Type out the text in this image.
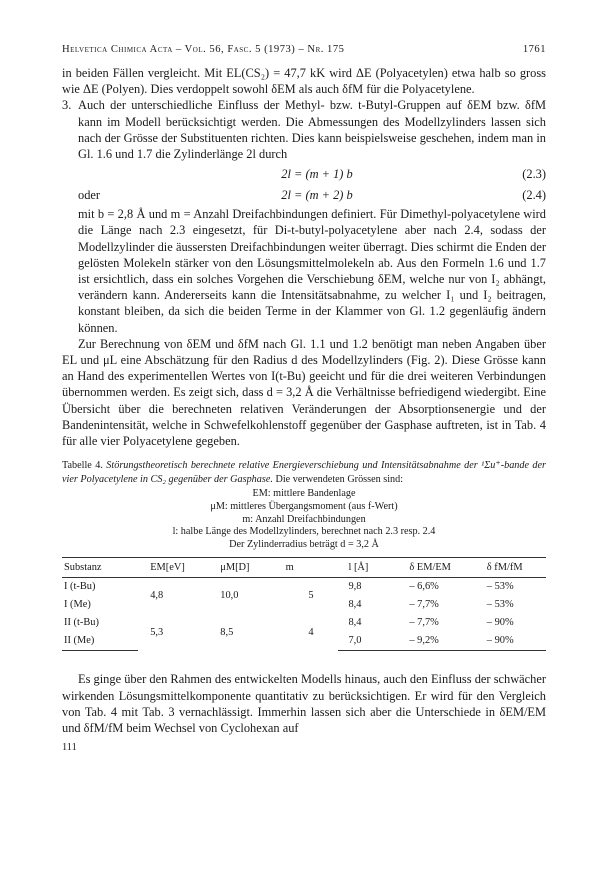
Helvetica Chimica Acta – Vol. 56, Fasc. 5 (1973) – Nr. 175	1761

in beiden Fällen vergleicht. Mit EL(CS₂) = 47,7 kK wird ΔE (Polyacetylen) etwa halb so gross wie ΔE (Polyen). Dies verdoppelt sowohl δEM als auch δfM für die Polyacetylene.

3. Auch der unterschiedliche Einfluss der Methyl- bzw. t-Butyl-Gruppen auf δEM bzw. δfM kann im Modell berücksichtigt werden. Die Abmessungen des Modellzylinders lassen sich nach der Grösse der Substituenten richten. Dies kann beispielsweise geschehen, indem man in Gl. 1.6 und 1.7 die Zylinderlänge 2l durch

2l = (m + 1) b	(2.3)
oder	2l = (m + 2) b	(2.4)

mit b = 2,8 Å und m = Anzahl Dreifachbindungen definiert. Für Dimethyl-polyacetylene wird die Länge nach 2.3 eingesetzt, für Di-t-butyl-polyacetylene aber nach 2.4, sodass der Modellzylinder die äussersten Dreifachbindungen weiter überragt. Dies schirmt die Enden der gelösten Molekeln stärker von den Lösungsmittelmolekeln ab. Aus den Formeln 1.6 und 1.7 ist ersichtlich, dass ein solches Vorgehen die Verschiebung δEM, welche nur von I₂ abhängt, verändern kann. Andererseits kann die Intensitätsabnahme, zu welcher I₁ und I₂ beitragen, konstant bleiben, da sich die beiden Terme in der Klammer von Gl. 1.2 gegenläufig ändern können.

Zur Berechnung von δEM und δfM nach Gl. 1.1 und 1.2 benötigt man neben Angaben über EL und μL eine Abschätzung für den Radius d des Modellzylinders (Fig. 2). Diese Grösse kann an Hand des experimentellen Wertes von I(t-Bu) geeicht und für die drei weiteren Verbindungen übernommen werden. Es zeigt sich, dass d = 3,2 Å die Verhältnisse befriedigend wiedergibt. Eine Übersicht über die berechneten relativen Veränderungen der Absorptionsenergie und der Bandenintensität, welche in Schwefelkohlenstoff gegenüber der Gasphase auftreten, ist in Tab. 4 für alle vier Polyacetylene gegeben.

Tabelle 4. Störungstheoretisch berechnete relative Energieverschiebung und Intensitätsabnahme der ¹Σu⁺-bande der vier Polyacetylene in CS₂ gegenüber der Gasphase. Die verwendeten Grössen sind:
EM: mittlere Bandenlage
μM: mittleres Übergangsmoment (aus f-Wert)
m: Anzahl Dreifachbindungen
l: halbe Länge des Modellzylinders, berechnet nach 2.3 resp. 2.4
Der Zylinderradius beträgt d = 3,2 Å
Substanz	EM[eV]	μM[D]	m	l [Å]	δ EM/EM	δ fM/fM
I (t-Bu)	4,8	10,0	5	9,8	– 6,6%	– 53%
I (Me)				8,4	– 7,7%	– 53%
II (t-Bu)	5,3	8,5	4	8,4	– 7,7%	– 90%
II (Me)				7,0	– 9,2%	– 90%

Es ginge über den Rahmen des entwickelten Modells hinaus, auch den Einfluss der schwächer wirkenden Lösungsmittelkomponente quantitativ zu berücksichtigen. Er wird für den Vergleich von Tab. 4 mit Tab. 3 vernachlässigt. Immerhin lassen sich aber die Unterschiede in δEM/EM und δfM/fM beim Wechsel von Cyclohexan auf

111
